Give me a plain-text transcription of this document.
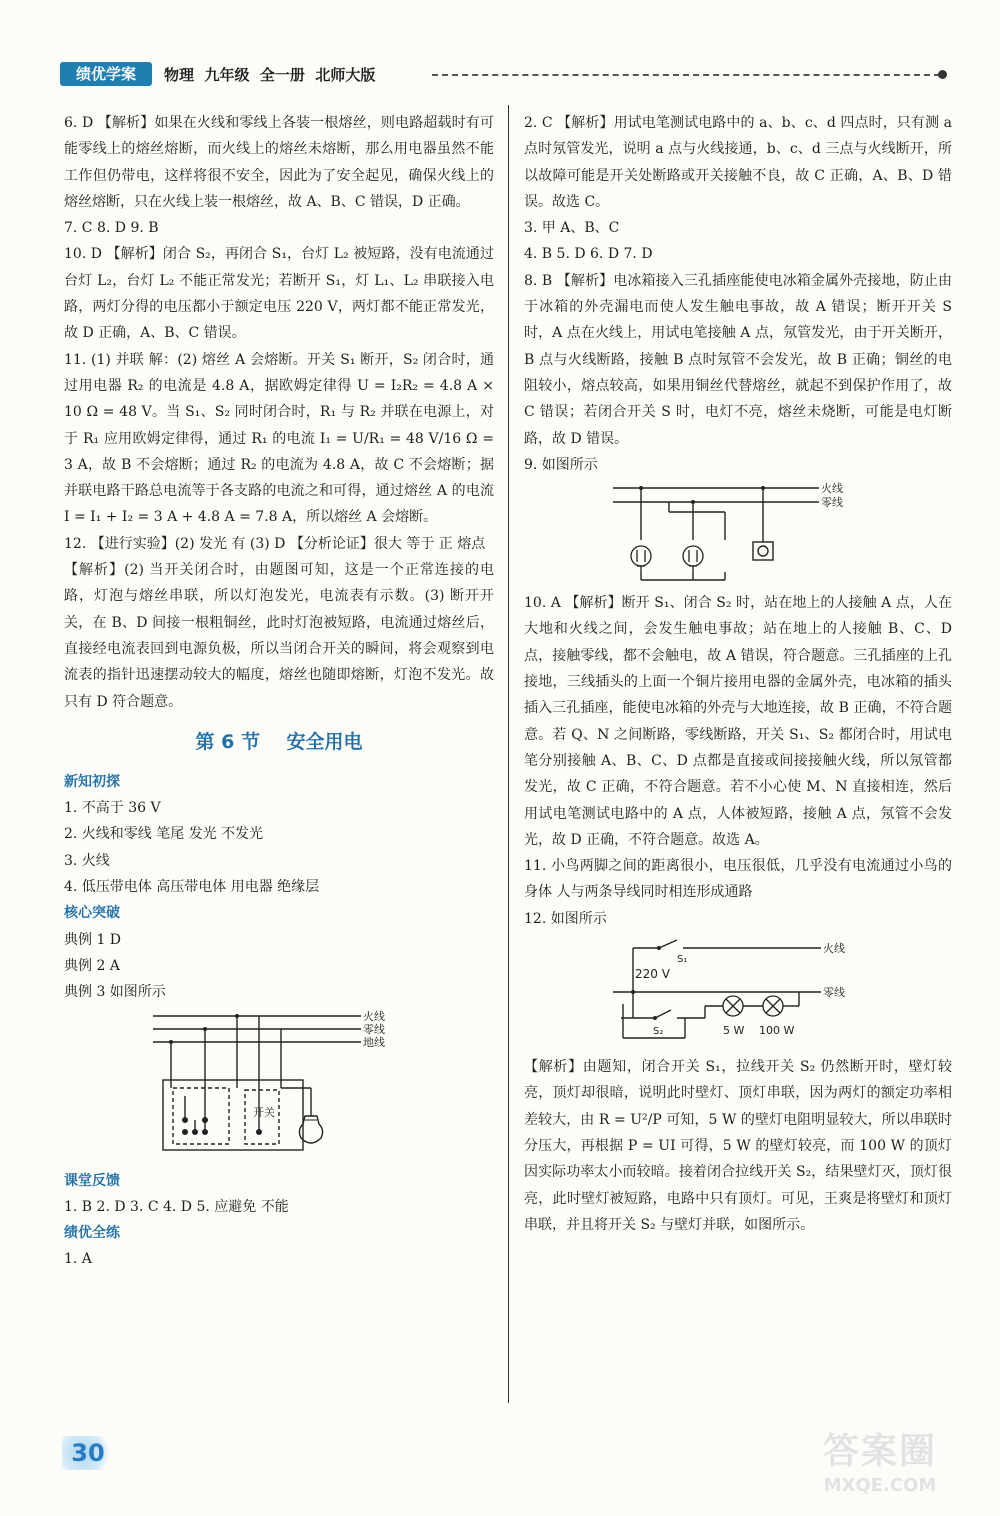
绩优学案	物理  九年级  全一册  北师大版

6. D 【解析】如果在火线和零线上各装一根熔丝，则电路超载时有可能零线上的熔丝熔断，而火线上的熔丝未熔断，那么用电器虽然不能工作但仍带电，这样将很不安全，因此为了安全起见，确保火线上的熔丝熔断，只在火线上装一根熔丝，故 A、B、C 错误，D 正确。

7. C 8. D 9. B

10. D 【解析】闭合 S₂，再闭合 S₁，台灯 L₂ 被短路，没有电流通过台灯 L₂，台灯 L₂ 不能正常发光；若断开 S₁，灯 L₁、L₂ 串联接入电路，两灯分得的电压都小于额定电压 220 V，两灯都不能正常发光，故 D 正确，A、B、C 错误。

11. (1) 并联 解：(2) 熔丝 A 会熔断。开关 S₁ 断开，S₂ 闭合时，通过用电器 R₂ 的电流是 4.8 A，据欧姆定律得 U = I₂R₂ = 4.8 A × 10 Ω = 48 V。当 S₁、S₂ 同时闭合时，R₁ 与 R₂ 并联在电源上，对于 R₁ 应用欧姆定律得，通过 R₁ 的电流 I₁ = U/R₁ = 48 V/16 Ω = 3 A，故 B 不会熔断；通过 R₂ 的电流为 4.8 A，故 C 不会熔断；据并联电路干路总电流等于各支路的电流之和可得，通过熔丝 A 的电流 I = I₁ + I₂ = 3 A + 4.8 A = 7.8 A，所以熔丝 A 会熔断。

12. 【进行实验】(2) 发光 有 (3) D 【分析论证】很大 等于 正 熔点

【解析】(2) 当开关闭合时，由题图可知，这是一个正常连接的电路，灯泡与熔丝串联，所以灯泡发光，电流表有示数。(3) 断开开关，在 B、D 间接一根粗铜丝，此时灯泡被短路，电流通过熔丝后，直接经电流表回到电源负极，所以当闭合开关的瞬间，将会观察到电流表的指针迅速摆动较大的幅度，熔丝也随即熔断，灯泡不发光。故只有 D 符合题意。

第 6 节    安全用电
新知初探

1. 不高于 36 V

2. 火线和零线 笔尾 发光 不发光

3. 火线

4. 低压带电体 高压带电体 用电器 绝缘层

核心突破

典例 1 D

典例 2 A

典例 3 如图所示

开关
火线
零线
地线
课堂反馈

1. B 2. D 3. C 4. D 5. 应避免 不能

绩优全练

1. A

2. C 【解析】用试电笔测试电路中的 a、b、c、d 四点时，只有测 a 点时氖管发光，说明 a 点与火线接通，b、c、d 三点与火线断开，所以故障可能是开关处断路或开关接触不良，故 C 正确，A、B、D 错误。故选 C。

3. 甲 A、B、C

4. B 5. D 6. D 7. D

8. B 【解析】电冰箱接入三孔插座能使电冰箱金属外壳接地，防止由于冰箱的外壳漏电而使人发生触电事故，故 A 错误；断开开关 S 时，A 点在火线上，用试电笔接触 A 点，氖管发光，由于开关断开，B 点与火线断路，接触 B 点时氖管不会发光，故 B 正确；铜丝的电阻较小，熔点较高，如果用铜丝代替熔丝，就起不到保护作用了，故 C 错误；若闭合开关 S 时，电灯不亮，熔丝未烧断，可能是电灯断路，故 D 错误。

9. 如图所示

火线
零线

10. A 【解析】断开 S₁、闭合 S₂ 时，站在地上的人接触 A 点，人在大地和火线之间，会发生触电事故；站在地上的人接触 B、C、D 点，接触零线，都不会触电，故 A 错误，符合题意。三孔插座的上孔接地，三线插头的上面一个铜片接用电器的金属外壳，电冰箱的插头插入三孔插座，能使电冰箱的外壳与大地连接，故 B 正确，不符合题意。若 Q、N 之间断路，零线断路，开关 S₁、S₂ 都闭合时，用试电笔分别接触 A、B、C、D 点都是直接或间接接触火线，所以氖管都发光，故 C 正确，不符合题意。若不小心使 M、N 直接相连，然后用试电笔测试电路中的 A 点，人体被短路，接触 A 点，氖管不会发光，故 D 正确，不符合题意。故选 A。

11. 小鸟两脚之间的距离很小，电压很低，几乎没有电流通过小鸟的身体 人与两条导线同时相连形成通路

12. 如图所示

220 V
S₁
S₂	5 W 100 W
火线
零线

【解析】由题知，闭合开关 S₁，拉线开关 S₂ 仍然断开时，壁灯较亮，顶灯却很暗，说明此时壁灯、顶灯串联，因为两灯的额定功率相差较大，由 R = U²/P 可知，5 W 的壁灯电阻明显较大，所以串联时分压大，再根据 P = UI 可得，5 W 的壁灯较亮，而 100 W 的顶灯因实际功率太小而较暗。接着闭合拉线开关 S₂，结果壁灯灭，顶灯很亮，此时壁灯被短路，电路中只有顶灯。可见，王爽是将壁灯和顶灯串联，并且将开关 S₂ 与壁灯并联，如图所示。

30	答案圈
MXQE.COM
